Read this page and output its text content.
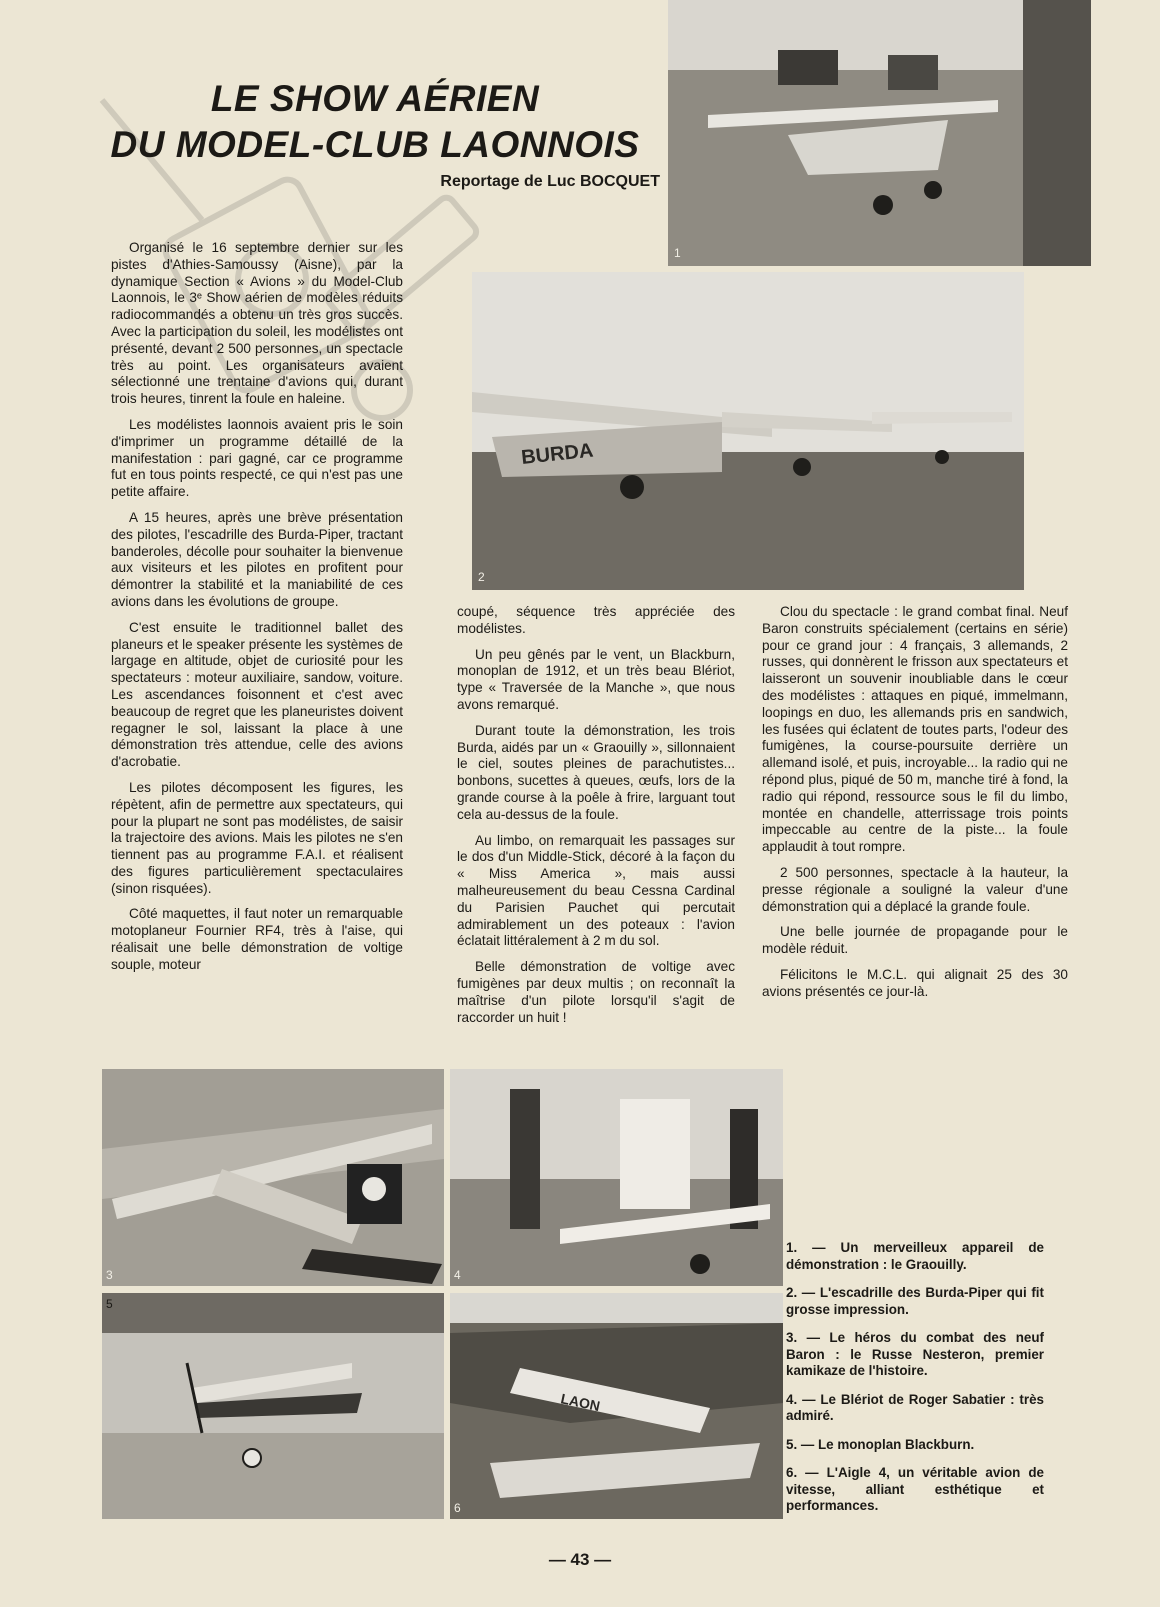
LE SHOW AÉRIEN
DU MODEL-CLUB LAONNOIS

Reportage de Luc BOCQUET

1
BURDA
2

Organisé le 16 septembre dernier sur les pistes d'Athies-Samoussy (Aisne), par la dynamique Section « Avions » du Model-Club Laonnois, le 3ᵉ Show aérien de modèles réduits radiocommandés a obtenu un très gros succès. Avec la participation du soleil, les modélistes ont présenté, devant 2 500 personnes, un spectacle très au point. Les organisateurs avaient sélectionné une trentaine d'avions qui, durant trois heures, tinrent la foule en haleine.

Les modélistes laonnois avaient pris le soin d'imprimer un programme détaillé de la manifestation : pari gagné, car ce programme fut en tous points respecté, ce qui n'est pas une petite affaire.

A 15 heures, après une brève présentation des pilotes, l'escadrille des Burda-Piper, tractant banderoles, décolle pour souhaiter la bienvenue aux visiteurs et les pilotes en profitent pour démontrer la stabilité et la maniabilité de ces avions dans les évolutions de groupe.

C'est ensuite le traditionnel ballet des planeurs et le speaker présente les systèmes de largage en altitude, objet de curiosité pour les spectateurs : moteur auxiliaire, sandow, voiture. Les ascendances foisonnent et c'est avec beaucoup de regret que les planeuristes doivent regagner le sol, laissant la place à une démonstration très attendue, celle des avions d'acrobatie.

Les pilotes décomposent les figures, les répètent, afin de permettre aux spectateurs, qui pour la plupart ne sont pas modélistes, de saisir la trajectoire des avions. Mais les pilotes ne s'en tiennent pas au programme F.A.I. et réalisent des figures particulièrement spectaculaires (sinon risquées).

Côté maquettes, il faut noter un remarquable motoplaneur Fournier RF4, très à l'aise, qui réalisait une belle démonstration de voltige souple, moteur

coupé, séquence très appréciée des modélistes.

Un peu gênés par le vent, un Blackburn, monoplan de 1912, et un très beau Blériot, type « Traversée de la Manche », que nous avons remarqué.

Durant toute la démonstration, les trois Burda, aidés par un « Graouilly », sillonnaient le ciel, soutes pleines de parachutistes... bonbons, sucettes à queues, œufs, lors de la grande course à la poêle à frire, larguant tout cela au-dessus de la foule.

Au limbo, on remarquait les passages sur le dos d'un Middle-Stick, décoré à la façon du « Miss America », mais aussi malheureusement du beau Cessna Cardinal du Parisien Pauchet qui percutait admirablement un des poteaux : l'avion éclatait littéralement à 2 m du sol.

Belle démonstration de voltige avec fumigènes par deux multis ; on reconnaît la maîtrise d'un pilote lorsqu'il s'agit de raccorder un huit !

Clou du spectacle : le grand combat final. Neuf Baron construits spécialement (certains en série) pour ce grand jour : 4 français, 3 allemands, 2 russes, qui donnèrent le frisson aux spectateurs et laisseront un souvenir inoubliable dans le cœur des modélistes : attaques en piqué, immelmann, loopings en duo, les allemands pris en sandwich, les fusées qui éclatent de toutes parts, l'odeur des fumigènes, la course-poursuite derrière un allemand isolé, et puis, incroyable... la radio qui ne répond plus, piqué de 50 m, manche tiré à fond, la radio qui répond, ressource sous le fil du limbo, montée en chandelle, atterrissage trois points impeccable au centre de la piste... la foule applaudit à tout rompre.

2 500 personnes, spectacle à la hauteur, la presse régionale a souligné la valeur d'une démonstration qui a déplacé la grande foule.

Une belle journée de propagande pour le modèle réduit.

Félicitons le M.C.L. qui alignait 25 des 30 avions présentés ce jour-là.

3	4
5
LAON
6

1. — Un merveilleux appareil de démonstration : le Graouilly.

2. — L'escadrille des Burda-Piper qui fit grosse impression.

3. — Le héros du combat des neuf Baron : le Russe Nesteron, premier kamikaze de l'histoire.

4. — Le Blériot de Roger Sabatier : très admiré.

5. — Le monoplan Blackburn.

6. — L'Aigle 4, un véritable avion de vitesse, alliant esthétique et performances.

— 43 —
